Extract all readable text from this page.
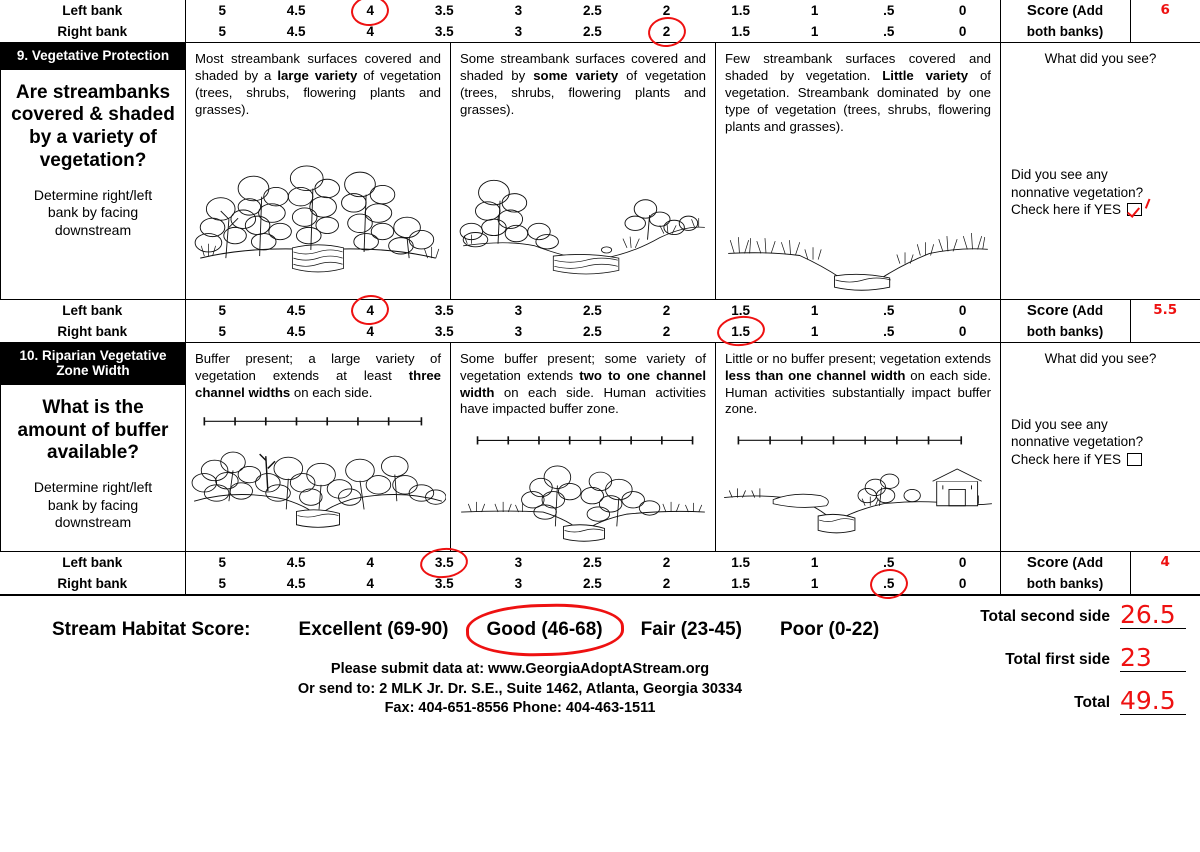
Left bank	5	4.5	4	3.5	3	2.5	2	1.5	1	.5	0	Score (Add
both banks)	6
Right bank	5	4.5	4	3.5	3	2.5	2	1.5	1	.5	0
9. Vegetative Protection
Are streambanks covered & shaded by a variety of vegetation?
Determine right/left bank by facing downstream

Most streambank surfaces covered and shaded by a large variety of vegetation (trees, shrubs, flowering plants and grasses).

Some streambank surfaces covered and shaded by some variety of vegetation (trees, shrubs, flowering plants and grasses).

Few streambank surfaces covered and shaded by vegetation. Little variety of vegetation. Streambank dominated by one type of vegetation (trees, shrubs, flowering plants and grasses).

What did you see?
Did you see any
nonnative vegetation?
Check here if YES
Left bank	5	4.5	4	3.5	3	2.5	2	1.5	1	.5	0	Score (Add
both banks)	5.5
Right bank	5	4.5	4	3.5	3	2.5	2	1.5	1	.5	0
10. Riparian Vegetative
Zone Width
What is the amount of buffer available?
Determine right/left bank by facing downstream

Buffer present; a large variety of vegetation extends at least three channel widths on each side.

Some buffer present; some variety of vegetation extends two to one channel width on each side. Human activities have impacted buffer zone.

Little or no buffer present; vegetation extends less than one channel width on each side. Human activities substantially impact buffer zone.

What did you see?
Did you see any
nonnative vegetation?
Check here if YES
Left bank	5	4.5	4	3.5	3	2.5	2	1.5	1	.5	0	Score (Add
both banks)	4
Right bank	5	4.5	4	3.5	3	2.5	2	1.5	1	.5	0
Stream Habitat Score:	Excellent (69-90) Good (46-68) Fair (23-45) Poor (0-22)
Please submit data at: www.GeorgiaAdoptAStream.org
Or send to: 2 MLK Jr. Dr. S.E., Suite 1462, Atlanta, Georgia 30334
Fax: 404-651-8556 Phone: 404-463-1511
Total second side 26.5
Total first side 23
Total 49.5
